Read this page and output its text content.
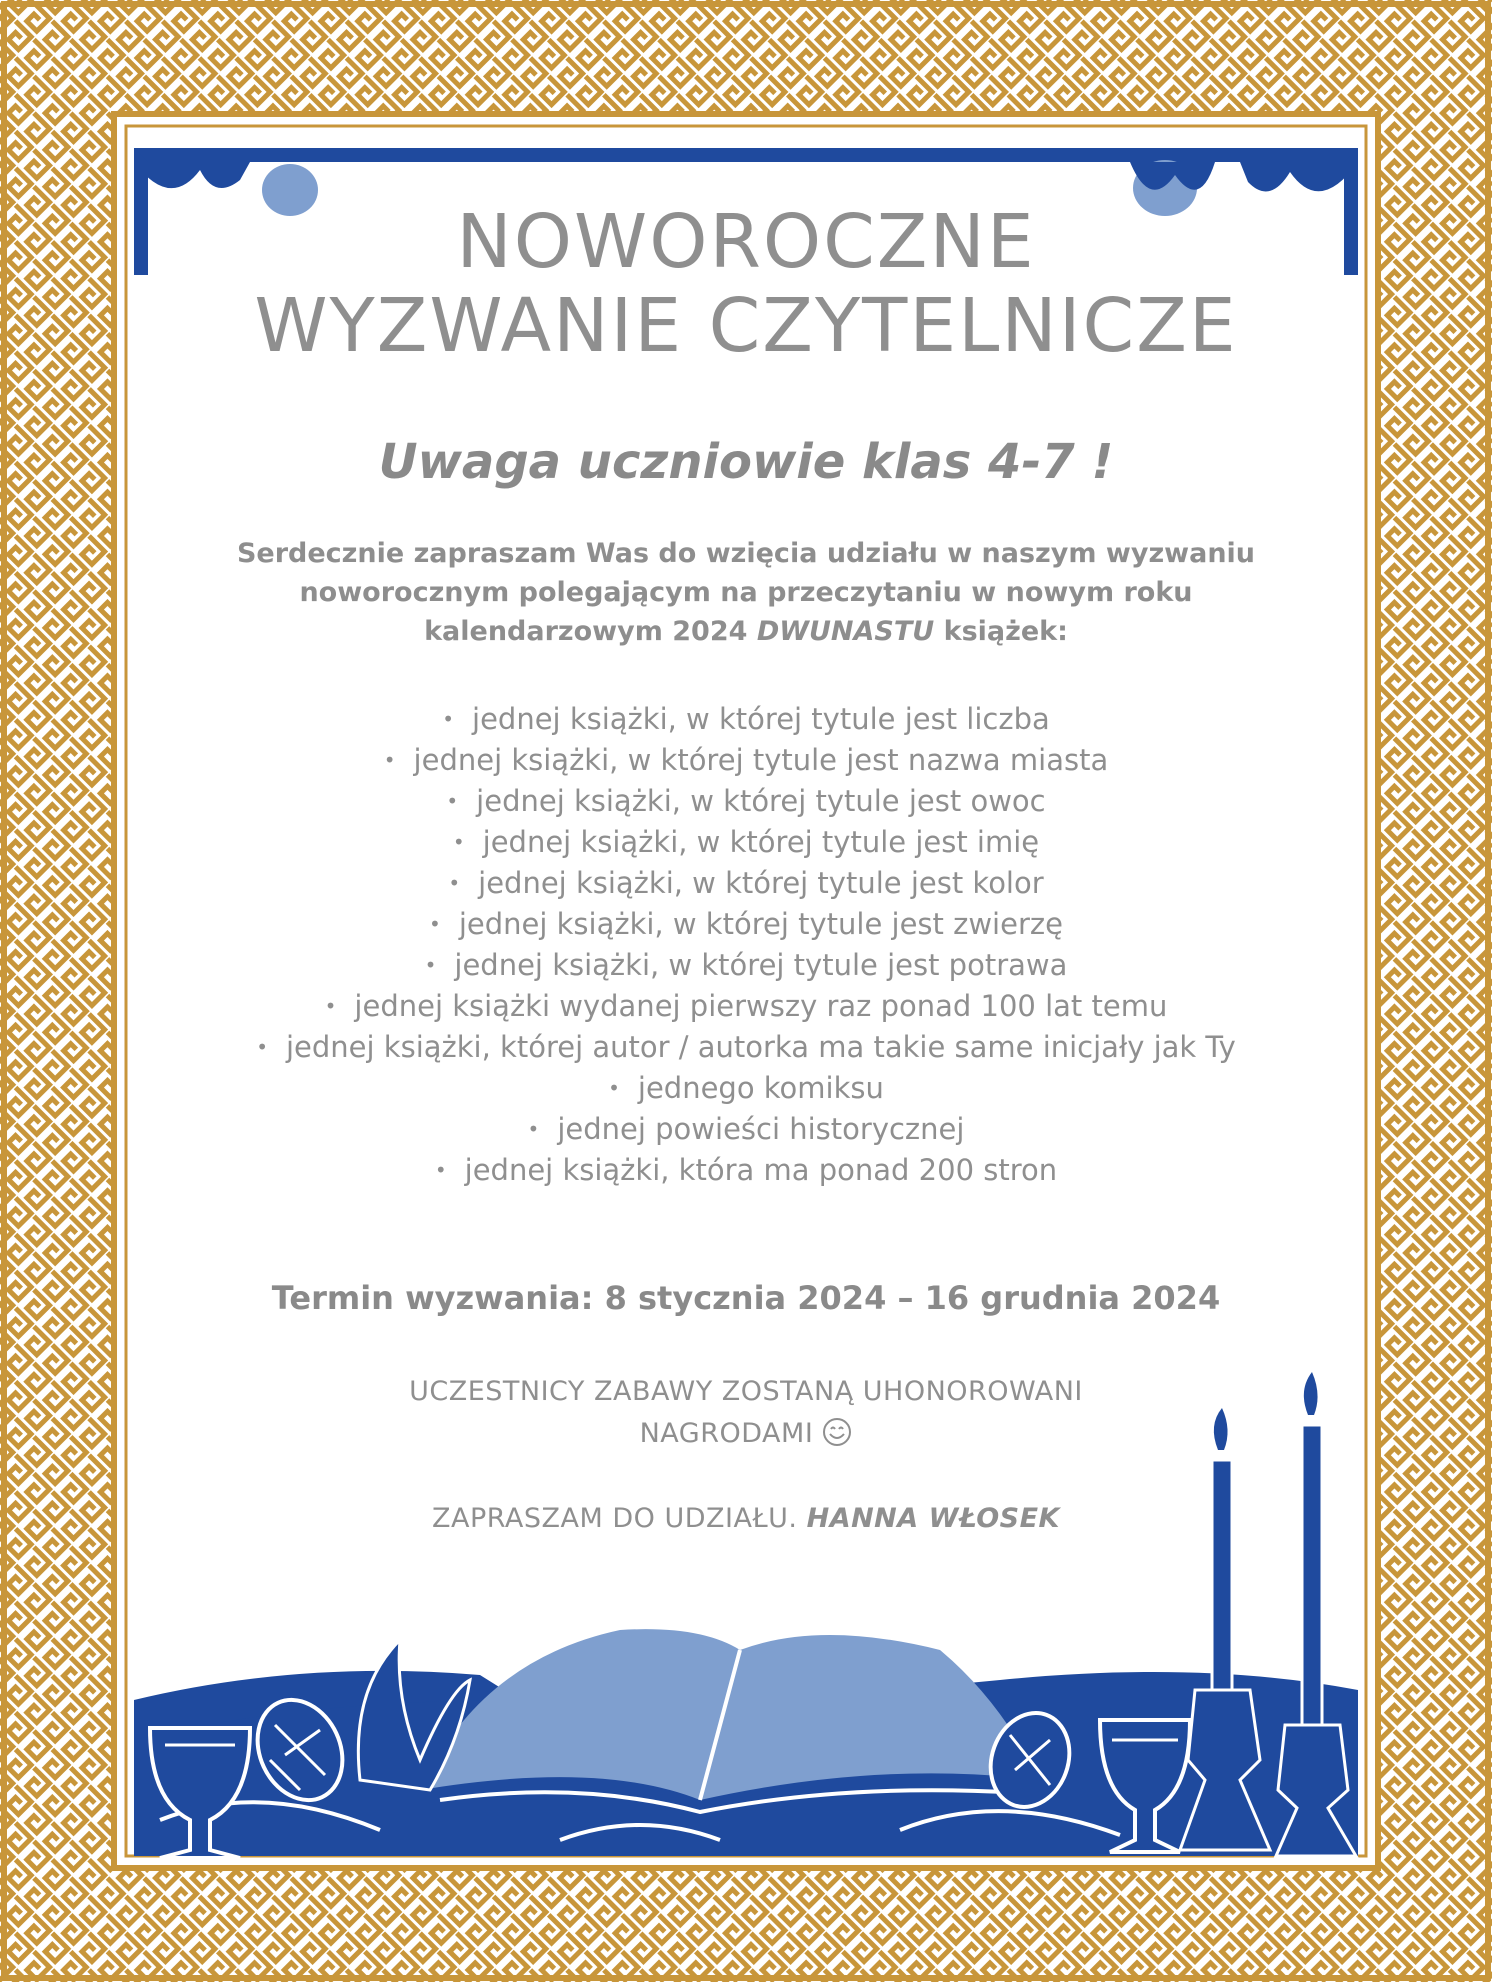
NOWOROCZNE
WYZWANIE CZYTELNICZE
Uwaga uczniowie klas 4-7 !
Serdecznie zapraszam Was do wzięcia udziału w naszym wyzwaniu noworocznym polegającym na przeczytaniu w nowym roku kalendarzowym 2024 DWUNASTU książek:
• jednej książki, w której tytule jest liczba
• jednej książki, w której tytule jest nazwa miasta
• jednej książki, w której tytule jest owoc
• jednej książki, w której tytule jest imię
• jednej książki, w której tytule jest kolor
• jednej książki, w której tytule jest zwierzę
• jednej książki, w której tytule jest potrawa
• jednej książki wydanej pierwszy raz ponad 100 lat temu
• jednej książki, której autor / autorka ma takie same inicjały jak Ty
• jednego komiksu
• jednej powieści historycznej
• jednej książki, która ma ponad 200 stron
Termin wyzwania: 8 stycznia 2024 – 16 grudnia 2024
UCZESTNICY ZABAWY ZOSTANĄ UHONOROWANI
NAGRODAMI
ZAPRASZAM DO UDZIAŁU. HANNA WŁOSEK
